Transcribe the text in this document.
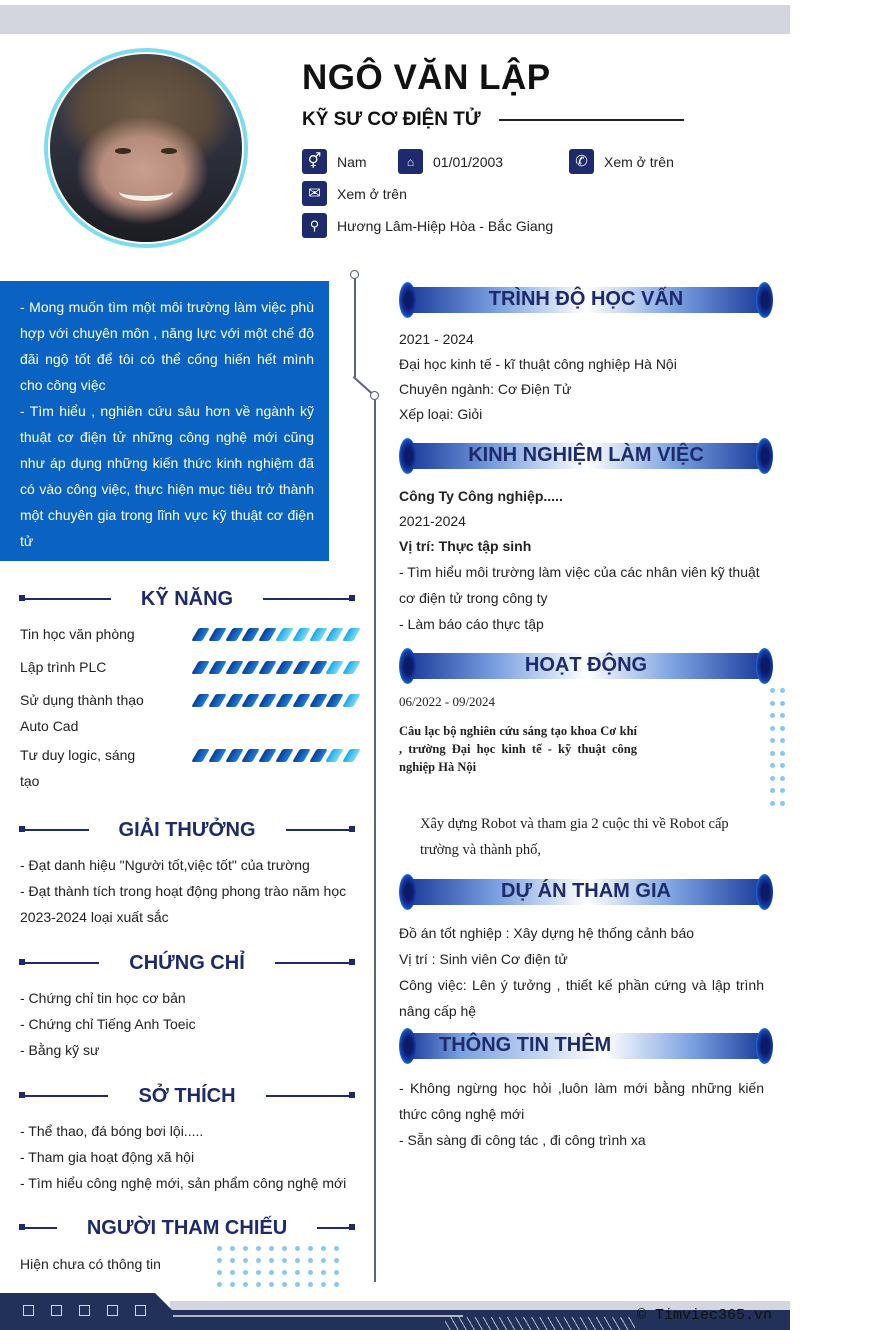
NGÔ VĂN LẬP
KỸ SƯ CƠ ĐIỆN TỬ
⚥	Nam	⌂	01/01/2003	✆	Xem ở trên
✉	Xem ở trên
⚲	Hương Lâm-Hiệp Hòa - Bắc Giang

- Mong muốn tìm một môi trường làm việc phù hợp với chuyên môn , năng lực với một chế độ đãi ngộ tốt để tôi có thể cống hiến hết mình cho công việc

- Tìm hiểu , nghiên cứu sâu hơn về ngành kỹ thuật cơ điện tử những công nghệ mới cũng như áp dụng những kiến thức kinh nghiệm đã có vào công việc, thực hiện mục tiêu trở thành một chuyên gia trong lĩnh vực kỹ thuật cơ điện tử

KỸ NĂNG
Tin học văn phòng
Lập trình PLC
Sử dụng thành thạo Auto Cad
Tư duy logic, sáng tạo
GIẢI THƯỞNG
- Đạt danh hiệu "Người tốt,việc tốt" của trường
- Đạt thành tích trong hoạt động phong trào năm học 2023-2024 loại xuất sắc
CHỨNG CHỈ
- Chứng chỉ tin học cơ bản
- Chứng chỉ Tiếng Anh Toeic
- Bằng kỹ sư
SỞ THÍCH
- Thể thao, đá bóng bơi lội.....
- Tham gia hoạt động xã hội
- Tìm hiểu công nghệ mới, sản phẩm công nghệ mới
NGƯỜI THAM CHIẾU
Hiện chưa có thông tin
TRÌNH ĐỘ HỌC VẤN
2021 - 2024
Đại học kinh tế - kĩ thuật công nghiệp Hà Nội
Chuyên ngành: Cơ Điện Tử
Xếp loại: Giỏi
KINH NGHIỆM LÀM VIỆC
Công Ty Công nghiệp.....
2021-2024
Vị trí: Thực tập sinh
- Tìm hiểu môi trường làm việc của các nhân viên kỹ thuật cơ điện tử trong công ty
- Làm báo cáo thực tập
HOẠT ĐỘNG
06/2022 - 09/2024
Câu lạc bộ nghiên cứu sáng tạo khoa Cơ khí , trường Đại học kinh tế - kỹ thuật công nghiệp Hà Nội
Xây dựng Robot và tham gia 2 cuộc thi về Robot cấp trường và thành phố,
DỰ ÁN THAM GIA
Đồ án tốt nghiệp : Xây dựng hệ thống cảnh báo
Vị trí : Sinh viên Cơ điện tử
Công việc: Lên ý tưởng , thiết kế phần cứng và lập trình nâng cấp hệ
THÔNG TIN THÊM
- Không ngừng học hỏi ,luôn làm mới bằng những kiến thức công nghệ mới
- Sẵn sàng đi công tác , đi công trình xa
© Timviec365.vn
